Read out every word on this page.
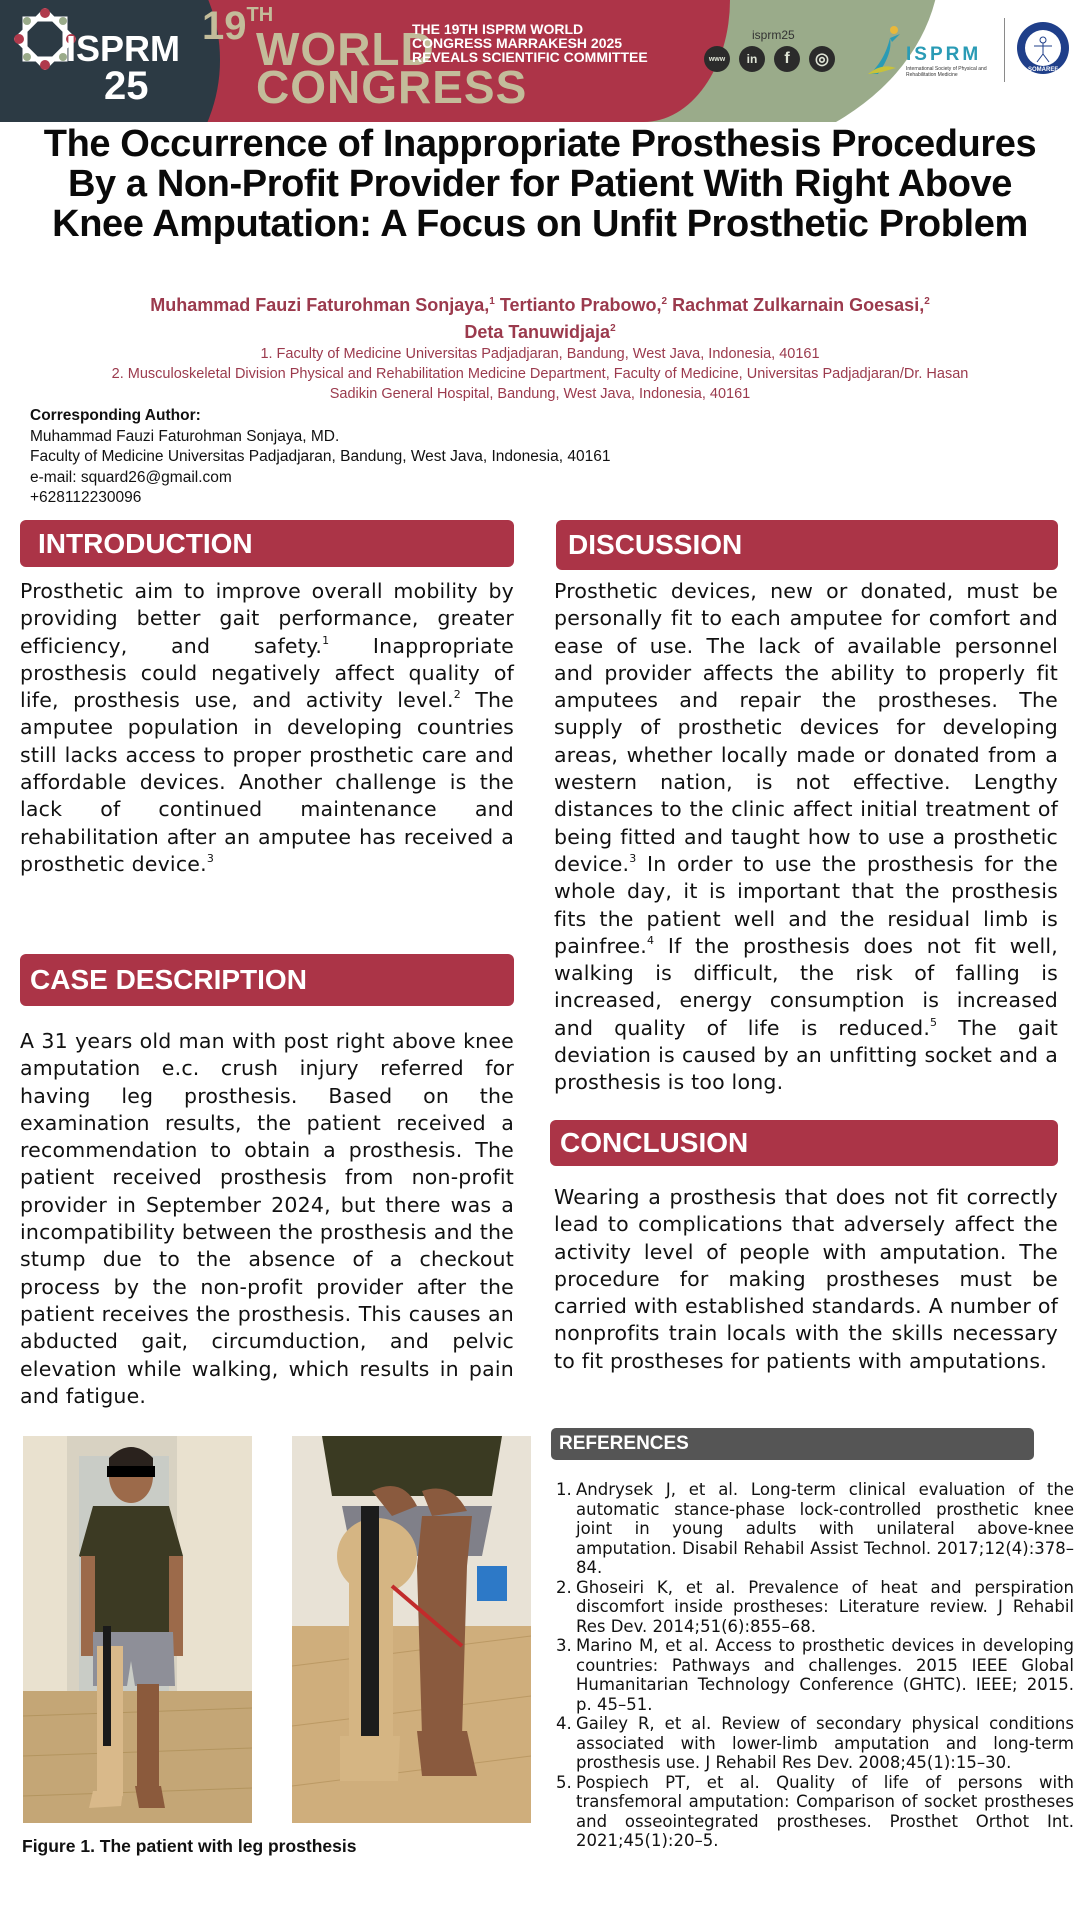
ISPRM
25
19TH
WORLD
CONGRESS
THE 19TH ISPRM WORLD
CONGRESS MARRAKESH 2025
REVEALS SCIENTIFIC COMMITTEE
isprm25
www	in	f	◎	ISPRM
International Society of Physical and Rehabilitation Medicine
SOMAREF
The Occurrence of Inappropriate Prosthesis Procedures By a Non-Profit Provider for Patient With Right Above Knee Amputation: A Focus on Unfit Prosthetic Problem
Muhammad Fauzi Faturohman Sonjaya,$^1$ Tertianto Prabowo,$^2$ Rachmat Zulkarnain Goesasi,$^2$
Deta Tanuwidjaja$^2$
1. Faculty of Medicine Universitas Padjadjaran, Bandung, West Java, Indonesia, 40161
2. Musculoskeletal Division Physical and Rehabilitation Medicine Department, Faculty of Medicine, Universitas Padjadjaran/Dr. Hasan Sadikin General Hospital, Bandung, West Java, Indonesia, 40161
Corresponding Author:
Muhammad Fauzi Faturohman Sonjaya, MD.
Faculty of Medicine Universitas Padjadjaran, Bandung, West Java, Indonesia, 40161
e-mail: squard26@gmail.com
+628112230096
INTRODUCTION
Prosthetic aim to improve overall mobility by providing better gait performance, greater efficiency, and safety.$^1$ Inappropriate prosthesis could negatively affect quality of life, prosthesis use, and activity level.$^2$ The amputee population in developing countries still lacks access to proper prosthetic care and affordable devices. Another challenge is the lack of continued maintenance and rehabilitation after an amputee has received a prosthetic device.$^3$
CASE DESCRIPTION
A 31 years old man with post right above knee amputation e.c. crush injury referred for having leg prosthesis. Based on the examination results, the patient received a recommendation to obtain a prosthesis. The patient received prosthesis from non-profit provider in September 2024, but there was a incompatibility between the prosthesis and the stump due to the absence of a checkout process by the non-profit provider after the patient receives the prosthesis. This causes an abducted gait, circumduction, and pelvic elevation while walking, which results in pain and fatigue.
Figure 1. The patient with leg prosthesis
DISCUSSION
Prosthetic devices, new or donated, must be personally fit to each amputee for comfort and ease of use. The lack of available personnel and provider affects the ability to properly fit amputees and repair the prostheses. The supply of prosthetic devices for developing areas, whether locally made or donated from a western nation, is not effective. Lengthy distances to the clinic affect initial treatment of being fitted and taught how to use a prosthetic device.$^3$ In order to use the prosthesis for the whole day, it is important that the prosthesis fits the patient well and the residual limb is painfree.$^4$ If the prosthesis does not fit well, walking is difficult, the risk of falling is increased, energy consumption is increased and quality of life is reduced.$^5$ The gait deviation is caused by an unfitting socket and a prosthesis is too long.
CONCLUSION
Wearing a prosthesis that does not fit correctly lead to complications that adversely affect the activity level of people with amputation. The procedure for making prostheses must be carried with established standards. A number of nonprofits train locals with the skills necessary to fit prostheses for patients with amputations.
REFERENCES
1. Andrysek J, et al. Long-term clinical evaluation of the automatic stance-phase lock-controlled prosthetic knee joint in young adults with unilateral above-knee amputation. Disabil Rehabil Assist Technol. 2017;12(4):378–84.
2. Ghoseiri K, et al. Prevalence of heat and perspiration discomfort inside prostheses: Literature review. J Rehabil Res Dev. 2014;51(6):855–68.
3. Marino M, et al. Access to prosthetic devices in developing countries: Pathways and challenges. 2015 IEEE Global Humanitarian Technology Conference (GHTC). IEEE; 2015. p. 45–51.
4. Gailey R, et al. Review of secondary physical conditions associated with lower-limb amputation and long-term prosthesis use. J Rehabil Res Dev. 2008;45(1):15–30.
5. Pospiech PT, et al. Quality of life of persons with transfemoral amputation: Comparison of socket prostheses and osseointegrated prostheses. Prosthet Orthot Int. 2021;45(1):20–5.
